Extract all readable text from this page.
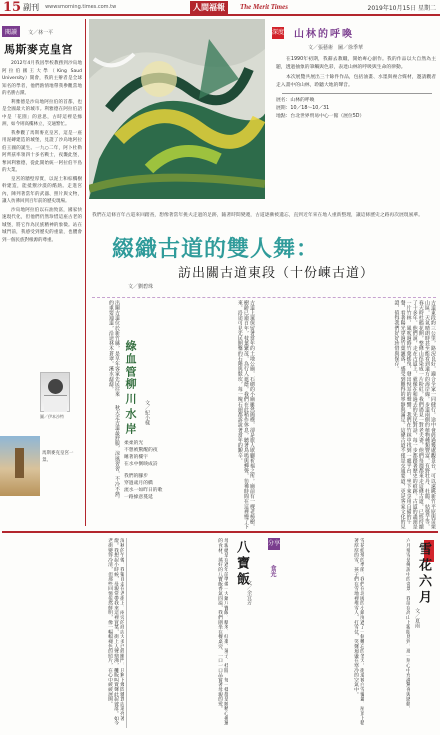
15 副刊 wwwsmorning.times.com.tw	人間福報	The Merit Times	2019年10月15日 星期二
閱讀 文／林一平
馬斯麥克皇宮

2012年4月我因學校教務到沙烏地阿拉伯國王大學（King Saud University）開會，我的主辦者是全球知名的學者，他們熱情地帶我參觀當地的名勝古蹟。

利雅德是沙烏地阿拉伯的首都，也是全國最大的城市。利雅德在阿拉伯語中是「花園」的意思，古時這裡是綠洲，如今則高樓林立，交通繁忙。

我參觀了馬斯麥克皇宮，這是一座用泥磚建造的城堡，見證了沙烏地阿拉伯王國的誕生。一九○二年，阿卜杜勒阿齊茲率領四十多名戰士，夜襲此堡，奪回利雅德，從此開始統一阿拉伯半島的大業。

皇宮的牆壁厚實，以泥土和棕櫚樹幹建造，能抵禦沙漠的酷熱。走進宮內，陳列著當年的武器、照片與文物，讓人彷彿回到百年前的歷史現場。

沙烏地阿拉伯以石油致富，國家快速現代化，但他們仍然珍惜這座古老的城堡，將它作為民族精神的象徵。站在城門前，我感受到歷史的重量，也體會到一個民族對根源的尊重。

圖／伊本沙特
馬斯麥克皇宮一景。
深度 山林的呼喚
文／張藝術　圖／徐季華

在1990年初期，我辭去教職，開始專心創作。我的作品以大自然為主題，透過抽象的筆觸與色彩，表達山林的呼吸與生命的律動。

本次展覽共展出三十餘件作品，包括油畫、水墨與複合媒材，邀請觀者走入畫中的山林，聆聽大地的聲音。

展名：山林的呼喚
展期：10／18～10／31
地點：台北世界貿易中心一館（展位5D）
我們在這條百年古道來回踏查，想像著當年挑夫走過的足跡，隨著時間變遷，古道逐漸被遺忘，直到近年來在地人重新整理，讓這條歷史之路再次展現風華。
綴織古道的雙人舞：
訪出關古道東段（十份崠古道）
文／劉碧珠
出關古道位於新竹縣，是早年客家先民往來的重要通道，沿途林木蒼翠，溪水潺潺。	古道上還保留著當年的土地公廟，石砌的小廟雖然簡樸，卻是旅人歇腳祈福之所。廟前有一棵老樟樹，樹齡已逾百年，枝葉繁茂，為行人遮蔭。我們在此稍作休息，聽著鳥鳴與蟬聲，彷彿時間在這裡慢了下來。沿途可見先民開鑿的石階與駁坎，每一塊石頭都訴說著當年的艱辛。	古道東段約三公里，路況良好，適合全家一同健行。途中會經過幾處觀景台，可以遠眺新竹平原與苗栗山區，天氣晴朗時甚至能看到遠方的海岸線。步道兩側的植物種類豐富，有野牡丹、杜鵑、姑婆芋等，春天時杜鵑花開，整條山徑染成一片粉紅。我們遇見一對老夫妻，他們每週都來走這條古道，已經持續了十多年。他們說，走在古道上，就像在和過去的先民對話，每一步都踏著歷史的痕跡。古道的盡頭是一片竹林，風吹過時竹葉搖曳，發出悅耳的聲響。我們在竹林中找到一處平台，坐下來享用自備的午餐，看著陽光穿過竹葉灑落，感受到難得的寧靜與滿足。這條古道不僅是交通要道，更是客家文化的見證，值得我們好好珍惜與保存。
秋天走古道最舒服，涼風習習，不冷不熱。
綠血管
柳川水岸 文／紀小樣

柔柔的光

不想被驚醒的夜

睡著的樓宇

在水中倒映成詩

我們的腳步

穿過歲月的橋

流水一如昨日的歌

一路綠意蔓延

深秋的午後，我獨自走在老街上，兩旁的商店大多已經關門，只剩下幾間雜貨店還亮著燈。我想起小時候，母親常帶我來這裡買菜，街上人聲鼎沸，攤販叫賣聲此起彼落。如今老街變得冷清，但那些回憶依然鮮明，像一幅幅褪色的照片，在心中緩緩展開。	母親總是在過年前準備一大鍋八寶飯，糯米、紅棗、蓮子、桂圓，每一樣都是她精心挑選的食材。蒸好的八寶飯香氣四溢，我們圍坐在餐桌旁，一口一口品嘗著母親的愛。 八寶飯
文／余宜芳
分享
食光	雪花紛飛的季節，我們在北國的小鎮度過了一個難忘的冬天。街道被白雪覆蓋，屋頂上積著厚厚的雪，孩子們在雪地裡堆雪人、打雪仗，笑聲迴盪在寒冷的空氣中。	六月飛雪是傳說中的奇景，我卻在高山上親眼見到，那一刻心中充滿驚喜與感動。 雪花六月
文／夏雨
